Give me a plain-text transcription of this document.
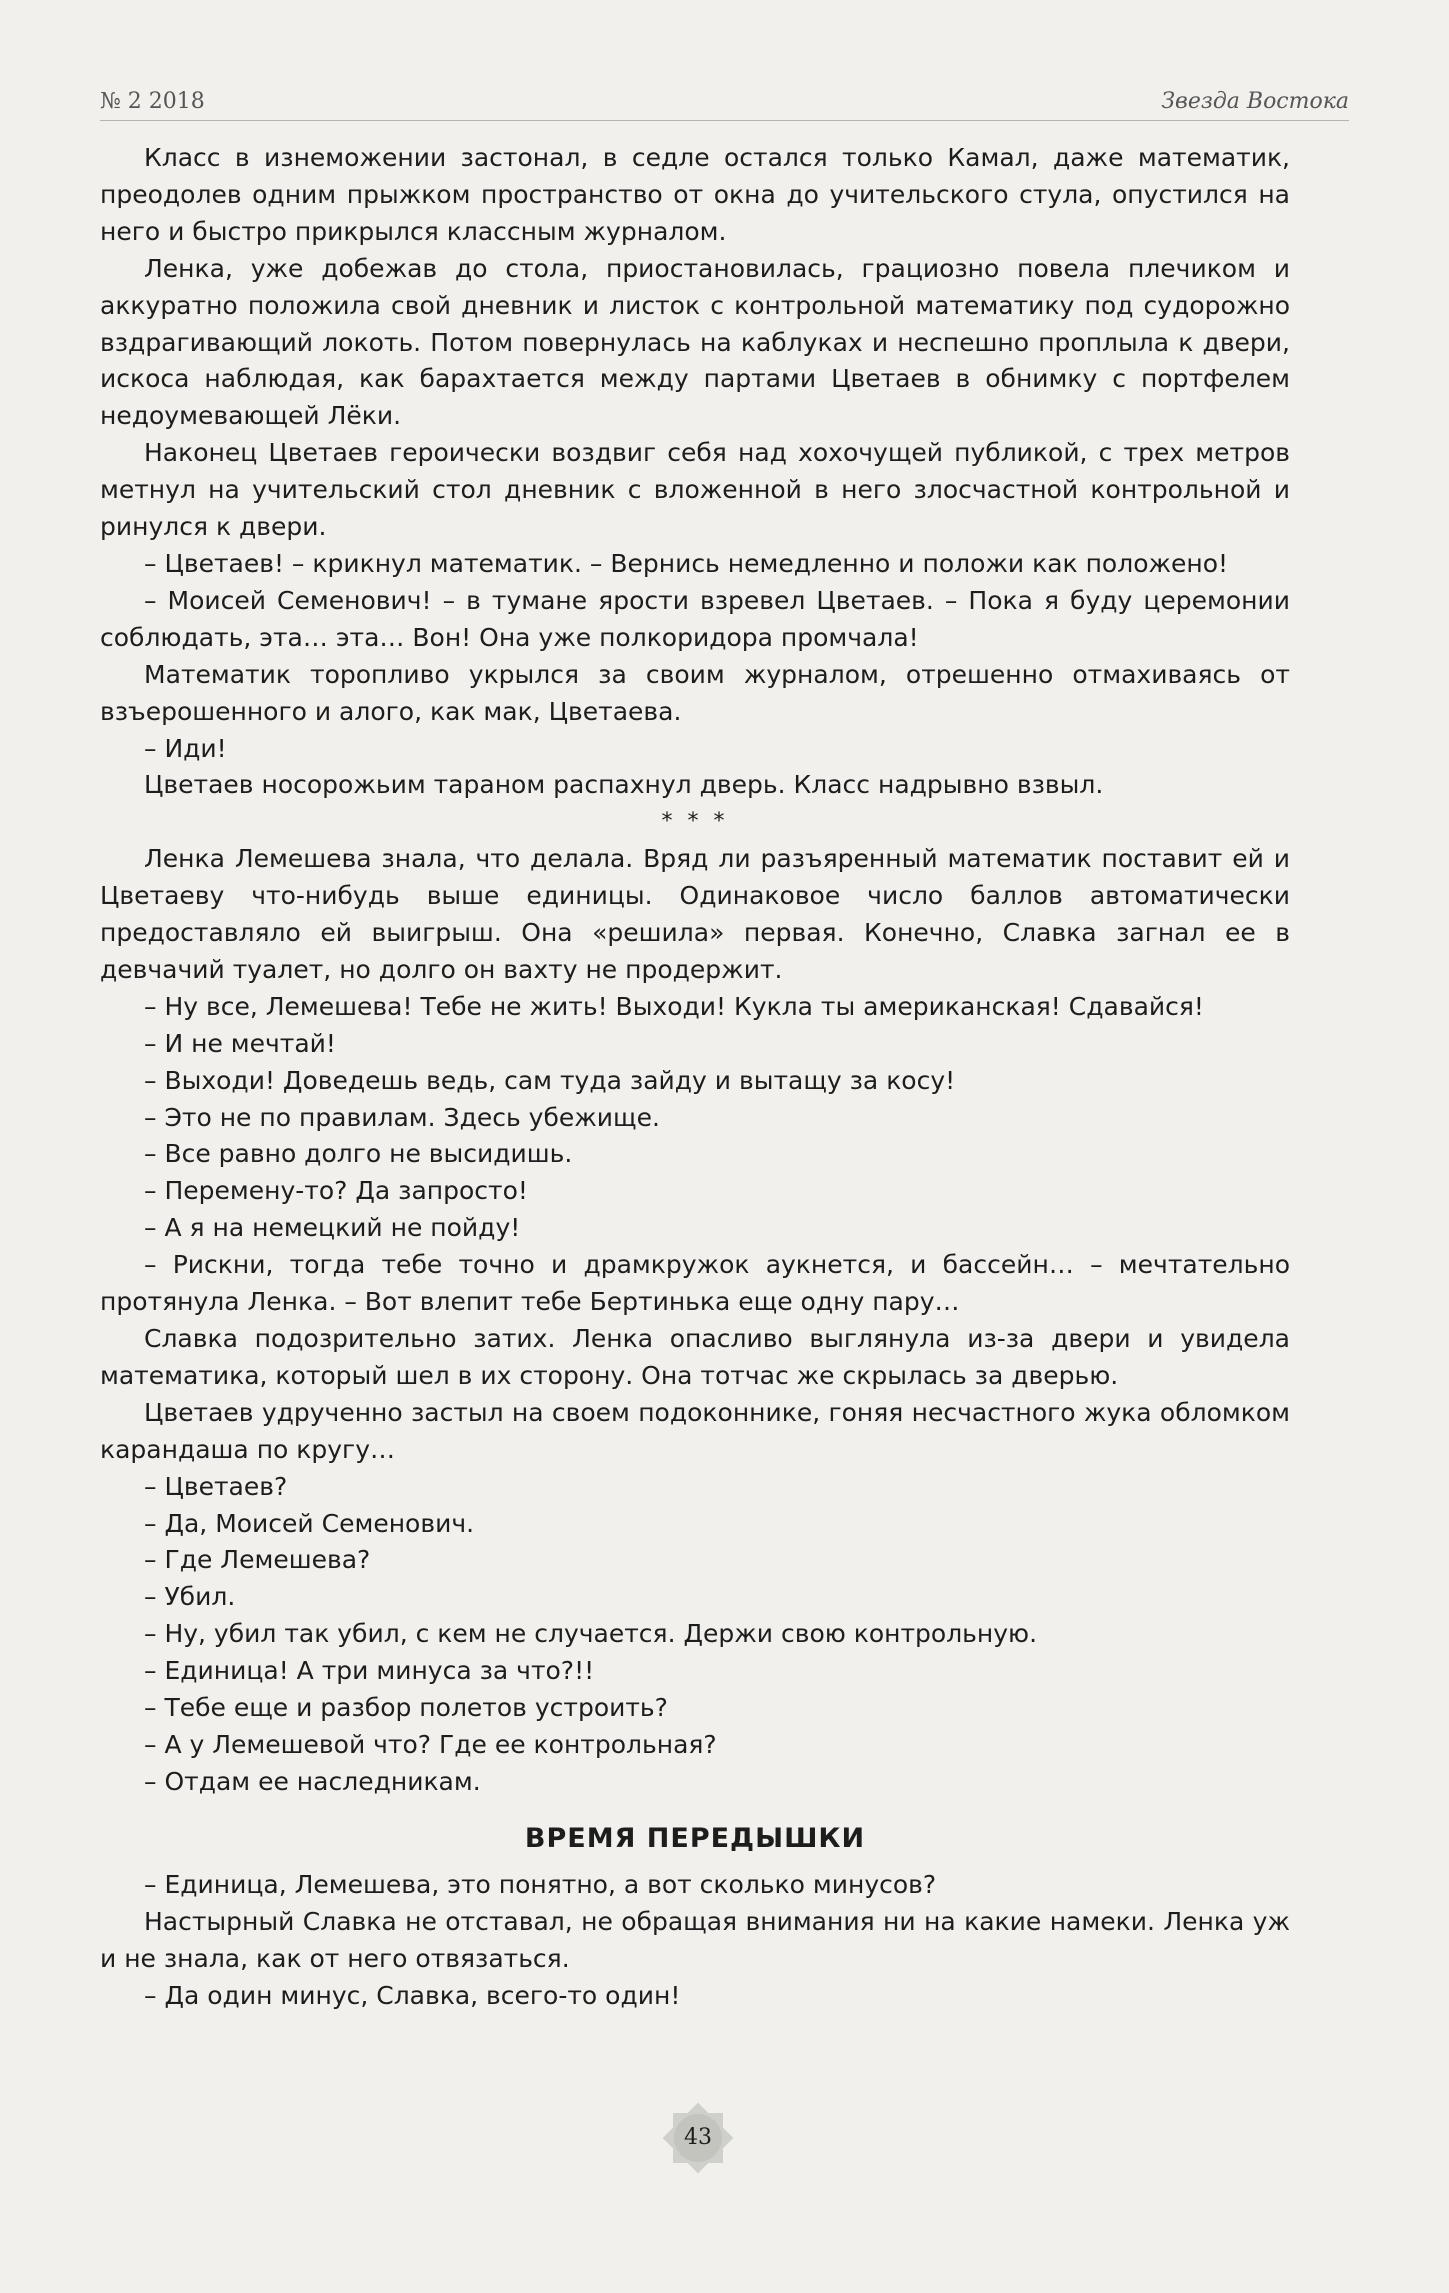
№ 2 2018	Звезда Востока

Класс в изнеможении застонал, в седле остался только Камал, даже математик, преодолев одним прыжком пространство от окна до учительского стула, опустился на него и быстро прикрылся классным журналом.

Ленка, уже добежав до стола, приостановилась, грациозно повела плечиком и аккуратно положила свой дневник и листок с контрольной математику под судорожно вздрагивающий локоть. Потом повернулась на каблуках и неспешно проплыла к двери, искоса наблюдая, как барахтается между партами Цветаев в обнимку с портфелем недоумевающей Лёки.

Наконец Цветаев героически воздвиг себя над хохочущей публикой, с трех метров метнул на учительский стол дневник с вложенной в него злосчастной контрольной и ринулся к двери.

– Цветаев! – крикнул математик. – Вернись немедленно и положи как положено!

– Моисей Семенович! – в тумане ярости взревел Цветаев. – Пока я буду церемонии соблюдать, эта… эта… Вон! Она уже полкоридора промчала!

Математик торопливо укрылся за своим журналом, отрешенно отмахиваясь от взъерошенного и алого, как мак, Цветаева.

– Иди!

Цветаев носорожьим тараном распахнул дверь. Класс надрывно взвыл.

* * *

Ленка Лемешева знала, что делала. Вряд ли разъяренный математик поставит ей и Цветаеву что-нибудь выше единицы. Одинаковое число баллов автоматически предоставляло ей выигрыш. Она «решила» первая. Конечно, Славка загнал ее в девчачий туалет, но долго он вахту не продержит.

– Ну все, Лемешева! Тебе не жить! Выходи! Кукла ты американская! Сдавайся!

– И не мечтай!

– Выходи! Доведешь ведь, сам туда зайду и вытащу за косу!

– Это не по правилам. Здесь убежище.

– Все равно долго не высидишь.

– Перемену-то? Да запросто!

– А я на немецкий не пойду!

– Рискни, тогда тебе точно и драмкружок аукнется, и бассейн… – мечтательно протянула Ленка. – Вот влепит тебе Бертинька еще одну пару…

Славка подозрительно затих. Ленка опасливо выглянула из-за двери и увидела математика, который шел в их сторону. Она тотчас же скрылась за дверью.

Цветаев удрученно застыл на своем подоконнике, гоняя несчастного жука обломком карандаша по кругу…

– Цветаев?

– Да, Моисей Семенович.

– Где Лемешева?

– Убил.

– Ну, убил так убил, с кем не случается. Держи свою контрольную.

– Единица! А три минуса за что?!!

– Тебе еще и разбор полетов устроить?

– А у Лемешевой что? Где ее контрольная?

– Отдам ее наследникам.

ВРЕМЯ ПЕРЕДЫШКИ

– Единица, Лемешева, это понятно, а вот сколько минусов?

Настырный Славка не отставал, не обращая внимания ни на какие намеки. Ленка уж и не знала, как от него отвязаться.

– Да один минус, Славка, всего-то один!

43
